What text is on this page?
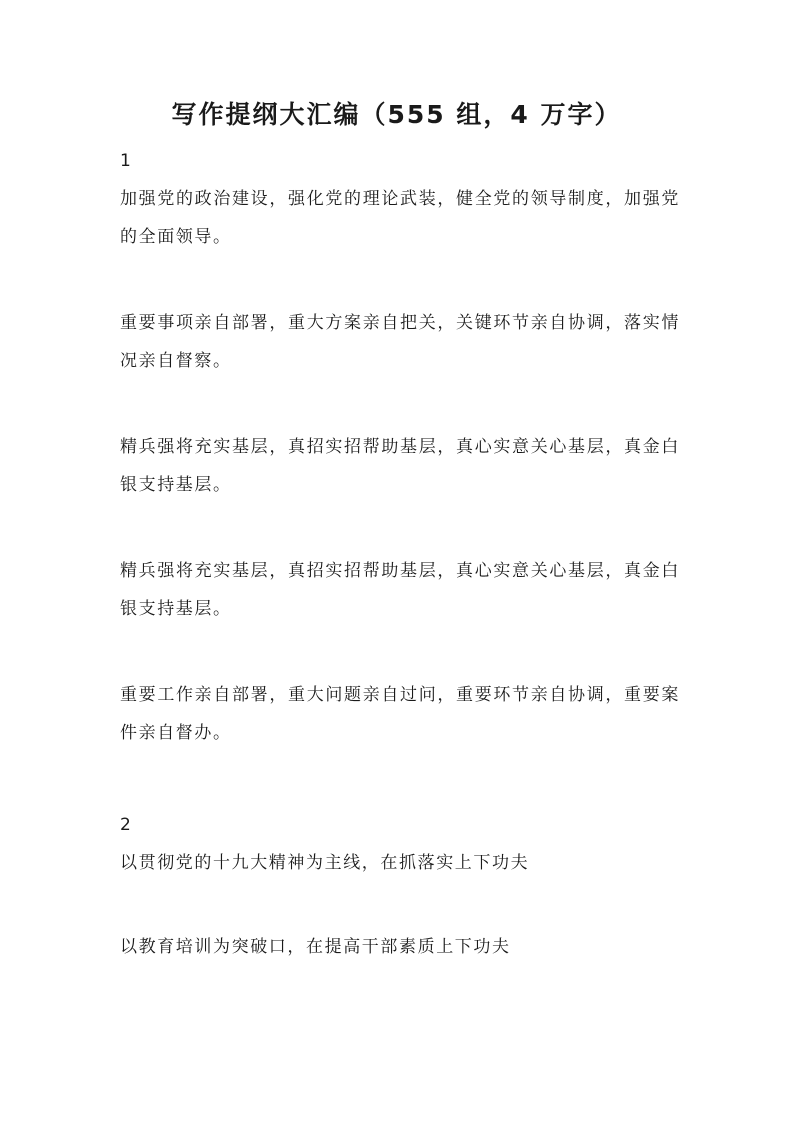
写作提纲大汇编（555 组，4 万字）
1
加强党的政治建设，强化党的理论武装，健全党的领导制度，加强党的全面领导。
重要事项亲自部署，重大方案亲自把关，关键环节亲自协调，落实情况亲自督察。
精兵强将充实基层，真招实招帮助基层，真心实意关心基层，真金白银支持基层。
精兵强将充实基层，真招实招帮助基层，真心实意关心基层，真金白银支持基层。
重要工作亲自部署，重大问题亲自过问，重要环节亲自协调，重要案件亲自督办。
2
以贯彻党的十九大精神为主线，在抓落实上下功夫
以教育培训为突破口，在提高干部素质上下功夫
